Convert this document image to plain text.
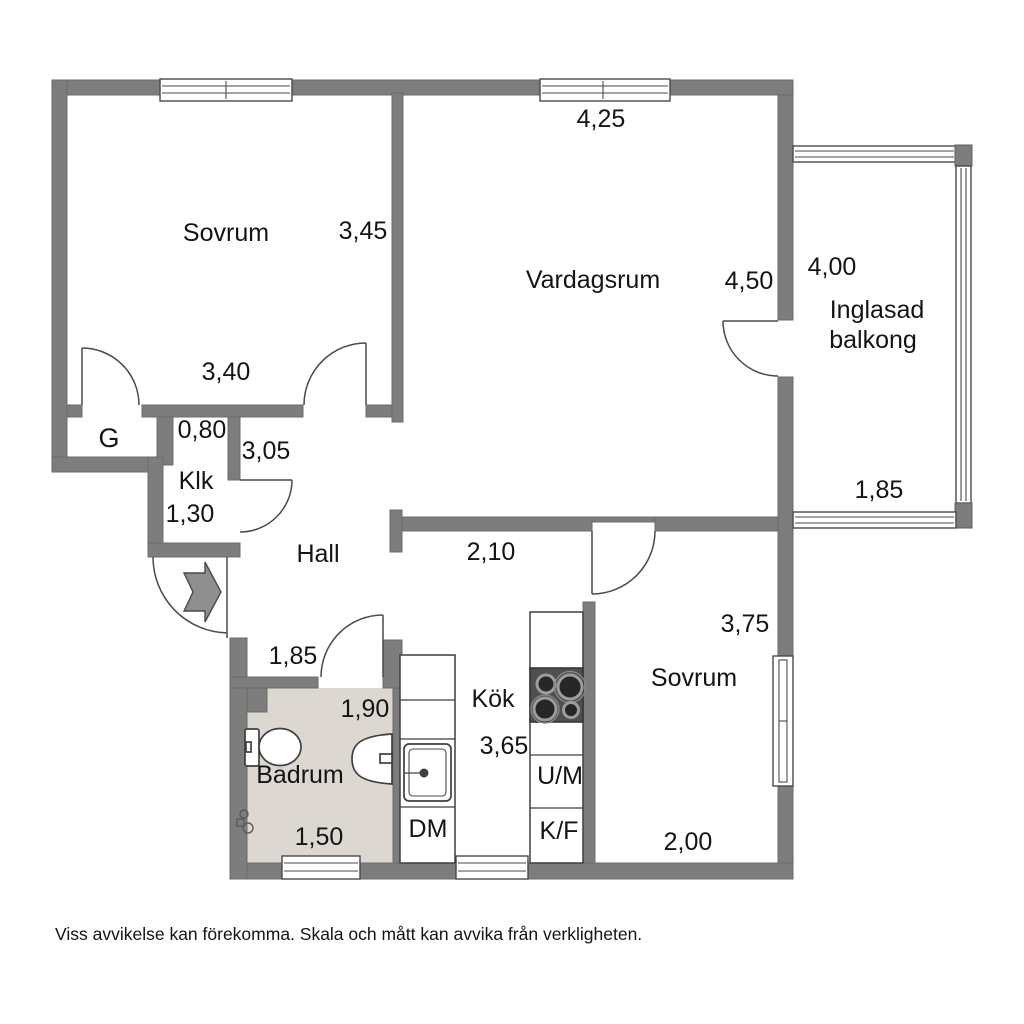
Sovrum	3,45
3,40
4,25
Vardagsrum	4,50 4,00
Inglasad
balkong
1,85
G 0,80
3,05
Klk
1,30
Hall	2,10
1,85
1,90
Badrum
1,50
Kök
3,65
U/M
K/F
DM
Sovrum
3,75
2,00
Viss avvikelse kan förekomma. Skala och mått kan avvika från verkligheten.
